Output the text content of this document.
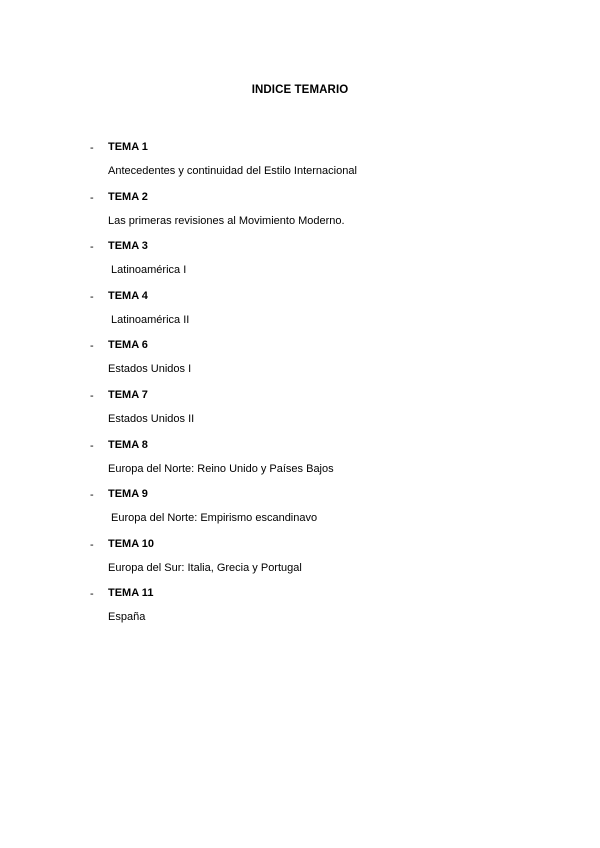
INDICE TEMARIO
- TEMA 1
Antecedentes y continuidad del Estilo Internacional
- TEMA 2
Las primeras revisiones al Movimiento Moderno.
- TEMA 3
Latinoamérica I
- TEMA 4
Latinoamérica II
- TEMA 6
Estados Unidos I
- TEMA 7
Estados Unidos II
- TEMA 8
Europa del Norte: Reino Unido y Países Bajos
- TEMA 9
Europa del Norte: Empirismo escandinavo
- TEMA 10
Europa del Sur: Italia, Grecia y Portugal
- TEMA 11
España
